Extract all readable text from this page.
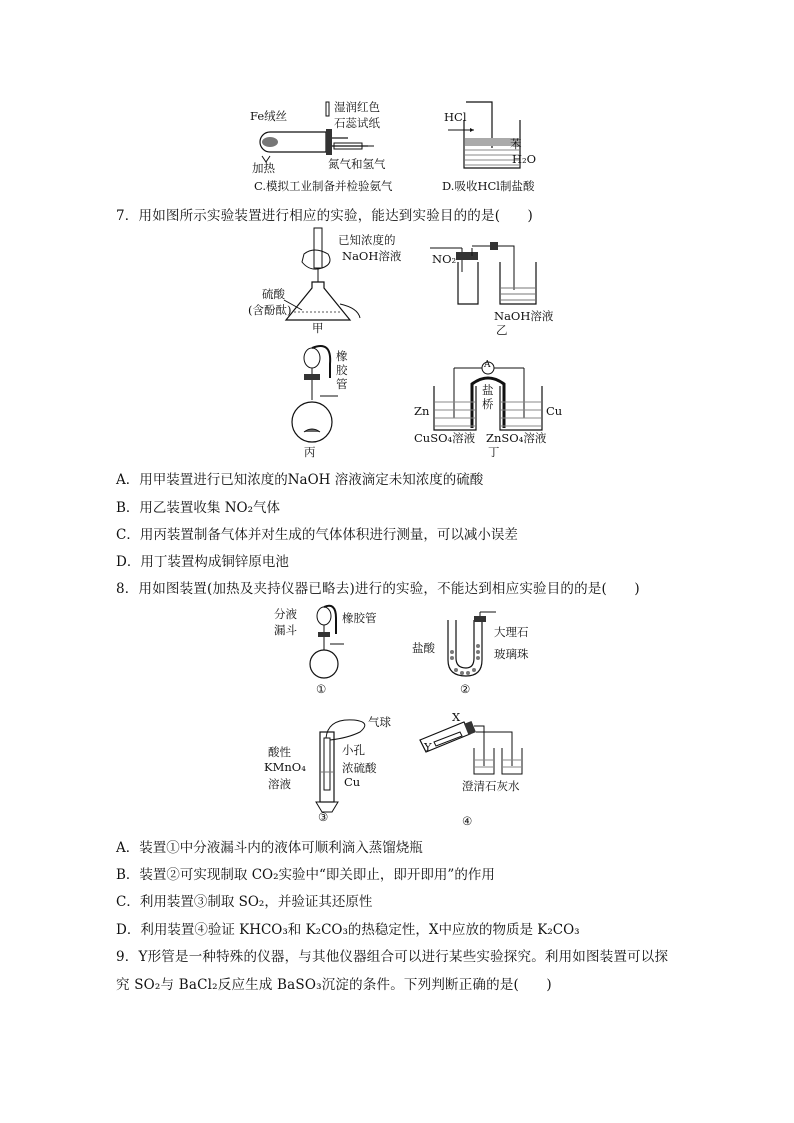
Fe绒丝
湿润红色
石蕊试纸
加热	氮气和氢气
C.模拟工业制备并检验氨气
HCl
苯
H₂O
D.吸收HCl制盐酸
7．用如图所示实验装置进行相应的实验，能达到实验目的的是(　　)
已知浓度的
NaOH溶液
硫酸
(含酚酞)
甲
NO₂
NaOH溶液
乙
橡
胶
管
丙
A
盐
桥
Zn	Cu
CuSO₄溶液 ZnSO₄溶液
丁
A．用甲装置进行已知浓度的NaOH 溶液滴定未知浓度的硫酸
B．用乙装置收集 NO₂气体
C．用丙装置制备气体并对生成的气体体积进行测量，可以减小误差
D．用丁装置构成铜锌原电池
8．用如图装置(加热及夹持仪器已略去)进行的实验，不能达到相应实验目的的是(　　)
分液
漏斗
橡胶管
①
盐酸
大理石
玻璃珠
②
气球
小孔
酸性
KMnO₄
溶液
浓硫酸
Cu
③
X
Y
澄清石灰水
④
A．装置①中分液漏斗内的液体可顺利滴入蒸馏烧瓶
B．装置②可实现制取 CO₂实验中“即关即止，即开即用”的作用
C．利用装置③制取 SO₂，并验证其还原性
D．利用装置④验证 KHCO₃和 K₂CO₃的热稳定性，X中应放的物质是 K₂CO₃
9．Y形管是一种特殊的仪器，与其他仪器组合可以进行某些实验探究。利用如图装置可以探
究 SO₂与 BaCl₂反应生成 BaSO₃沉淀的条件。下列判断正确的是(　　)
